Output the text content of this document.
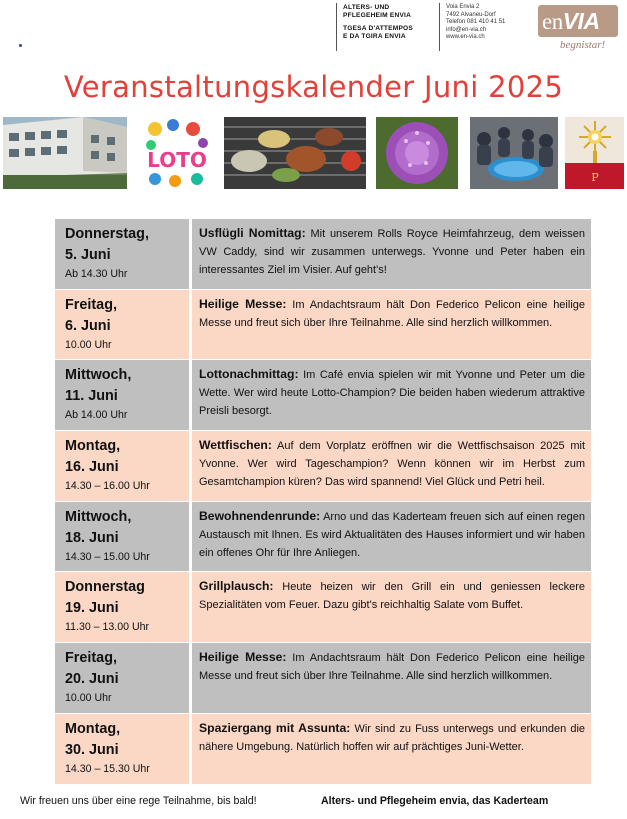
ALTERS- UND
PFLEGEHEIM ENVIA
TGESA D'ATTEMPOS
E DA TGIRA ENVIA
Voia Envia 2
7492 Alvaneu-Dorf
Telefon 081 410 41 51
info@en-via.ch
www.en-via.ch
enVIA
begnistar!
Veranstaltungskalender Juni 2025
LOTO
P
Donnerstag,
5. Juni
Ab 14.30 Uhr
Usflügli Nomittag: Mit unserem Rolls Royce Heimfahrzeug, dem weissen VW Caddy, sind wir zusammen unterwegs. Yvonne und Peter haben ein interessantes Ziel im Visier. Auf geht's!
Freitag,
6. Juni
10.00 Uhr
Heilige Messe: Im Andachtsraum hält Don Federico Pelicon eine heilige Messe und freut sich über Ihre Teilnahme. Alle sind herzlich willkommen.
Mittwoch,
11. Juni
Ab 14.00 Uhr
Lottonachmittag: Im Café envia spielen wir mit Yvonne und Peter um die Wette. Wer wird heute Lotto-Champion? Die beiden haben wiederum attraktive Preisli besorgt.
Montag,
16. Juni
14.30 – 16.00 Uhr
Wettfischen: Auf dem Vorplatz eröffnen wir die Wettfischsaison 2025 mit Yvonne. Wer wird Tageschampion? Wenn können wir im Herbst zum Gesamtchampion küren? Das wird spannend! Viel Glück und Petri heil.
Mittwoch,
18. Juni
14.30 – 15.00 Uhr
Bewohnendenrunde: Arno und das Kaderteam freuen sich auf einen regen Austausch mit Ihnen. Es wird Aktualitäten des Hauses informiert und wir haben ein offenes Ohr für Ihre Anliegen.
Donnerstag
19. Juni
11.30 – 13.00 Uhr
Grillplausch: Heute heizen wir den Grill ein und geniessen leckere Spezialitäten vom Feuer. Dazu gibt's reichhaltig Salate vom Buffet.
Freitag,
20. Juni
10.00 Uhr
Heilige Messe: Im Andachtsraum hält Don Federico Pelicon eine heilige Messe und freut sich über Ihre Teilnahme. Alle sind herzlich willkommen.
Montag,
30. Juni
14.30 – 15.30 Uhr
Spaziergang mit Assunta: Wir sind zu Fuss unterwegs und erkunden die nähere Umgebung. Natürlich hoffen wir auf prächtiges Juni-Wetter.
Wir freuen uns über eine rege Teilnahme, bis bald!	Alters- und Pflegeheim envia, das Kaderteam
